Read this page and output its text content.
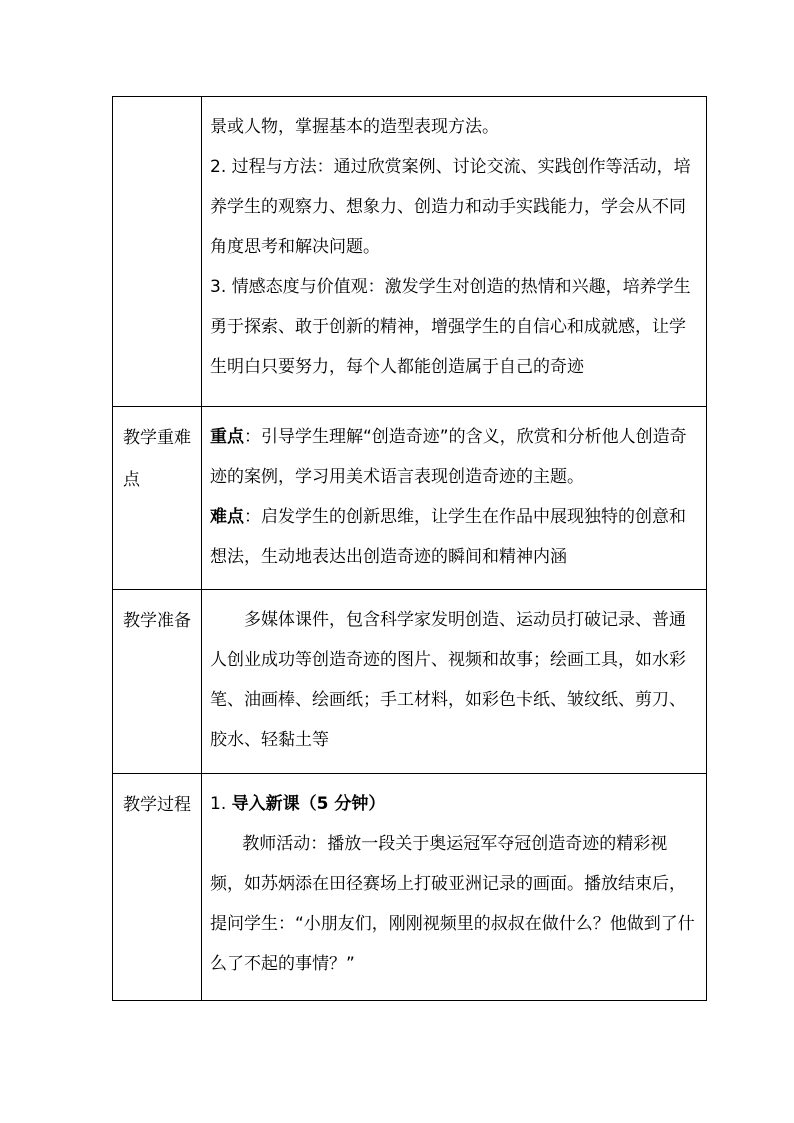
	景或人物，掌握基本的造型表现方法。

2. 过程与方法：通过欣赏案例、讨论交流、实践创作等活动，培养学生的观察力、想象力、创造力和动手实践能力，学会从不同角度思考和解决问题。

3. 情感态度与价值观：激发学生对创造的热情和兴趣，培养学生勇于探索、敢于创新的精神，增强学生的自信心和成就感，让学生明白只要努力，每个人都能创造属于自己的奇迹

教学重难点	重点：引导学生理解“创造奇迹”的含义，欣赏和分析他人创造奇迹的案例，学习用美术语言表现创造奇迹的主题。

难点：启发学生的创新思维，让学生在作品中展现独特的创意和想法，生动地表达出创造奇迹的瞬间和精神内涵

教学准备	多媒体课件，包含科学家发明创造、运动员打破记录、普通人创业成功等创造奇迹的图片、视频和故事；绘画工具，如水彩笔、油画棒、绘画纸；手工材料，如彩色卡纸、皱纹纸、剪刀、胶水、轻黏土等

教学过程	1. 导入新课（5 分钟）

教师活动：播放一段关于奥运冠军夺冠创造奇迹的精彩视频，如苏炳添在田径赛场上打破亚洲记录的画面。播放结束后，提问学生：“小朋友们，刚刚视频里的叔叔在做什么？他做到了什么了不起的事情？”
